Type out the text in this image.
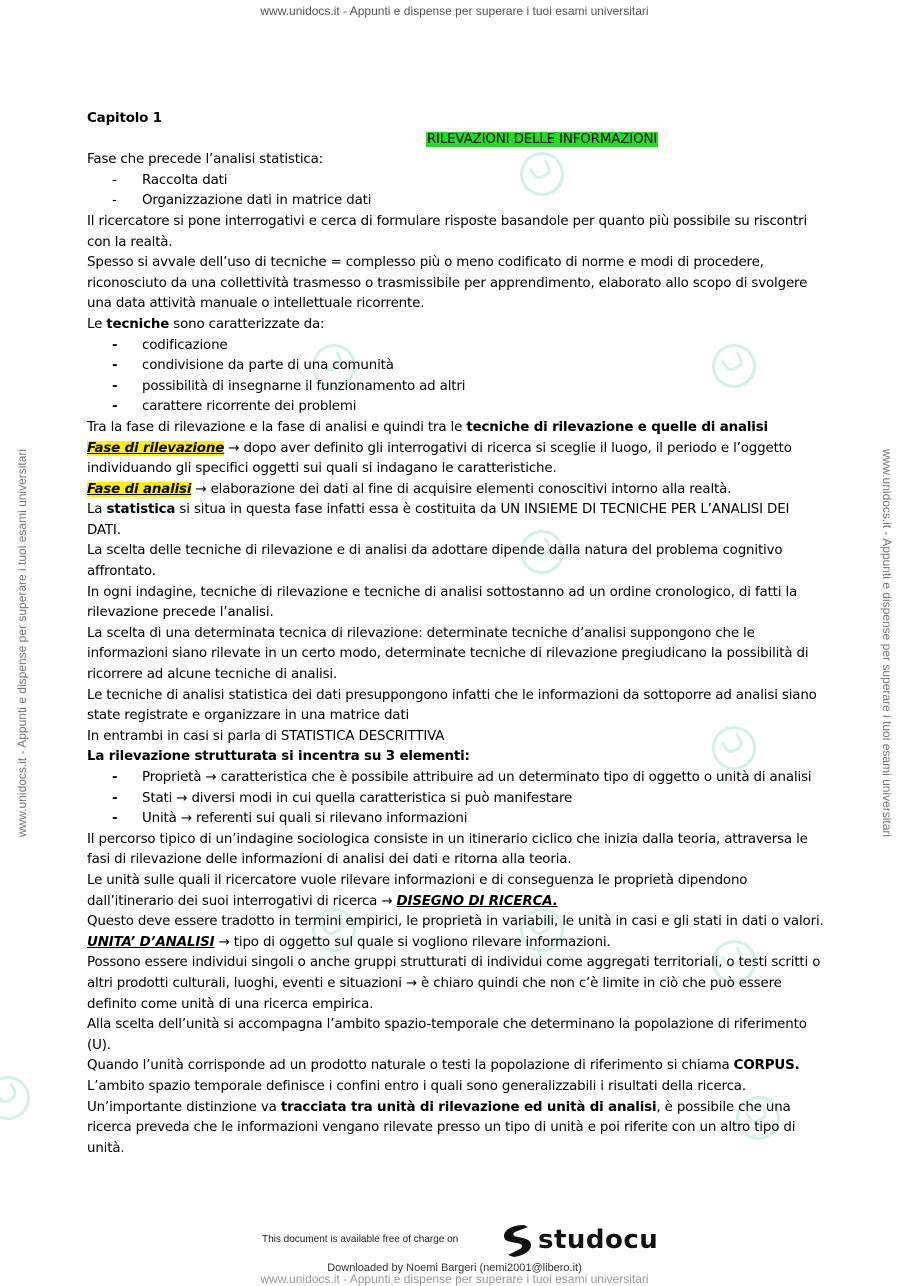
www.unidocs.it - Appunti e dispense per superare i tuoi esami universitari
www.unidocs.it - Appunti e dispense per superare i tuoi esami universitari	www.unidocs.it - Appunti e dispense per superare i tuoi esami universitari

Capitolo 1

RILEVAZIONI DELLE INFORMAZIONI

Fase che precede l’analisi statistica:

-	Raccolta dati
-	Organizzazione dati in matrice dati

Il ricercatore si pone interrogativi e cerca di formulare risposte basandole per quanto più possibile su riscontri con la realtà.

Spesso si avvale dell’uso di tecniche = complesso più o meno codificato di norme e modi di procedere, riconosciuto da una collettività trasmesso o trasmissibile per apprendimento, elaborato allo scopo di svolgere una data attività manuale o intellettuale ricorrente.

Le tecniche sono caratterizzate da:

-	codificazione
-	condivisione da parte di una comunità
-	possibilità di insegnarne il funzionamento ad altri
-	carattere ricorrente dei problemi

Tra la fase di rilevazione e la fase di analisi e quindi tra le tecniche di rilevazione e quelle di analisi

Fase di rilevazione → dopo aver definito gli interrogativi di ricerca si sceglie il luogo, il periodo e l’oggetto individuando gli specifici oggetti sui quali si indagano le caratteristiche.

Fase di analisi → elaborazione dei dati al fine di acquisire elementi conoscitivi intorno alla realtà.

La statistica si situa in questa fase infatti essa è costituita da UN INSIEME DI TECNICHE PER L’ANALISI DEI DATI.

La scelta delle tecniche di rilevazione e di analisi da adottare dipende dalla natura del problema cognitivo affrontato.

In ogni indagine, tecniche di rilevazione e tecniche di analisi sottostanno ad un ordine cronologico, di fatti la rilevazione precede l’analisi.

La scelta di una determinata tecnica di rilevazione: determinate tecniche d’analisi suppongono che le informazioni siano rilevate in un certo modo, determinate tecniche di rilevazione pregiudicano la possibilità di ricorrere ad alcune tecniche di analisi.

Le tecniche di analisi statistica dei dati presuppongono infatti che le informazioni da sottoporre ad analisi siano state registrate e organizzare in una matrice dati

In entrambi in casi si parla di STATISTICA DESCRITTIVA

La rilevazione strutturata si incentra su 3 elementi:

-	Proprietà → caratteristica che è possibile attribuire ad un determinato tipo di oggetto o unità di analisi
-	Stati → diversi modi in cui quella caratteristica si può manifestare
-	Unità → referenti sui quali si rilevano informazioni

Il percorso tipico di un’indagine sociologica consiste in un itinerario ciclico che inizia dalla teoria, attraversa le fasi di rilevazione delle informazioni di analisi dei dati e ritorna alla teoria.

Le unità sulle quali il ricercatore vuole rilevare informazioni e di conseguenza le proprietà dipendono dall’itinerario dei suoi interrogativi di ricerca → DISEGNO DI RICERCA.

Questo deve essere tradotto in termini empirici, le proprietà in variabili, le unità in casi e gli stati in dati o valori.

UNITA’ D’ANALISI → tipo di oggetto sul quale si vogliono rilevare informazioni.

Possono essere individui singoli o anche gruppi strutturati di individui come aggregati territoriali, o testi scritti o altri prodotti culturali, luoghi, eventi e situazioni → è chiaro quindi che non c’è limite in ciò che può essere definito come unità di una ricerca empirica.

Alla scelta dell’unità si accompagna l’ambito spazio-temporale che determinano la popolazione di riferimento (U).

Quando l’unità corrisponde ad un prodotto naturale o testi la popolazione di riferimento si chiama CORPUS.

L’ambito spazio temporale definisce i confini entro i quali sono generalizzabili i risultati della ricerca.

Un’importante distinzione va tracciata tra unità di rilevazione ed unità di analisi, è possibile che una ricerca preveda che le informazioni vengano rilevate presso un tipo di unità e poi riferite con un altro tipo di unità.

This document is available free of charge on	studocu
Downloaded by Noemi Bargeri (nemi2001@libero.it)
www.unidocs.it - Appunti e dispense per superare i tuoi esami universitari
